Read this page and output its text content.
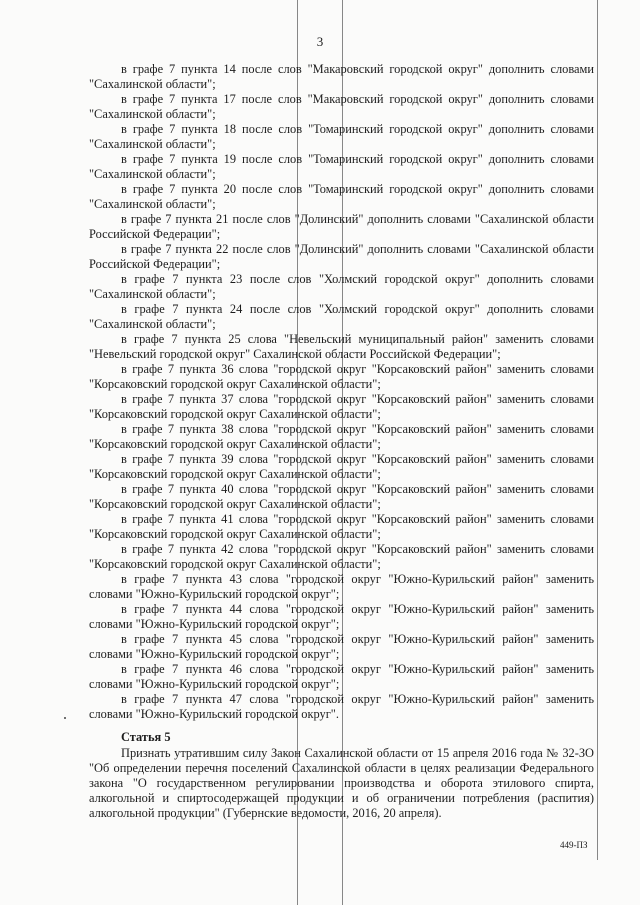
3

в графе 7 пункта 14 после слов "Макаровский городской округ" дополнить словами "Сахалинской области";

в графе 7 пункта 17 после слов "Макаровский городской округ" дополнить словами "Сахалинской области";

в графе 7 пункта 18 после слов "Томаринский городской округ" дополнить словами "Сахалинской области";

в графе 7 пункта 19 после слов "Томаринский городской округ" дополнить словами "Сахалинской области";

в графе 7 пункта 20 после слов "Томаринский городской округ" дополнить словами "Сахалинской области";

в графе 7 пункта 21 после слов "Долинский" дополнить словами "Сахалинской области Российской Федерации";

в графе 7 пункта 22 после слов "Долинский" дополнить словами "Сахалинской области Российской Федерации";

в графе 7 пункта 23 после слов "Холмский городской округ" дополнить словами "Сахалинской области";

в графе 7 пункта 24 после слов "Холмский городской округ" дополнить словами "Сахалинской области";

в графе 7 пункта 25 слова "Невельский муниципальный район" заменить словами "Невельский городской округ" Сахалинской области Российской Федерации";

в графе 7 пункта 36 слова "городской округ "Корсаковский район" заменить словами "Корсаковский городской округ Сахалинской области";

в графе 7 пункта 37 слова "городской округ "Корсаковский район" заменить словами "Корсаковский городской округ Сахалинской области";

в графе 7 пункта 38 слова "городской округ "Корсаковский район" заменить словами "Корсаковский городской округ Сахалинской области";

в графе 7 пункта 39 слова "городской округ "Корсаковский район" заменить словами "Корсаковский городской округ Сахалинской области";

в графе 7 пункта 40 слова "городской округ "Корсаковский район" заменить словами "Корсаковский городской округ Сахалинской области";

в графе 7 пункта 41 слова "городской округ "Корсаковский район" заменить словами "Корсаковский городской округ Сахалинской области";

в графе 7 пункта 42 слова "городской округ "Корсаковский район" заменить словами "Корсаковский городской округ Сахалинской области";

в графе 7 пункта 43 слова "городской округ "Южно-Курильский район" заменить словами "Южно-Курильский городской округ";

в графе 7 пункта 44 слова "городской округ "Южно-Курильский район" заменить словами "Южно-Курильский городской округ";

в графе 7 пункта 45 слова "городской округ "Южно-Курильский район" заменить словами "Южно-Курильский городской округ";

в графе 7 пункта 46 слова "городской округ "Южно-Курильский район" заменить словами "Южно-Курильский городской округ";

в графе 7 пункта 47 слова "городской округ "Южно-Курильский район" заменить словами "Южно-Курильский городской округ".

Статья 5

Признать утратившим силу Закон Сахалинской области от 15 апреля 2016 года № 32-ЗО "Об определении перечня поселений Сахалинской области в целях реализации Федерального закона "О государственном регулировании производства и оборота этилового спирта, алкогольной и спиртосодержащей продукции и об ограничении потребления (распития) алкогольной продукции" (Губернские ведомости, 2016, 20 апреля).

449-ПЗ
